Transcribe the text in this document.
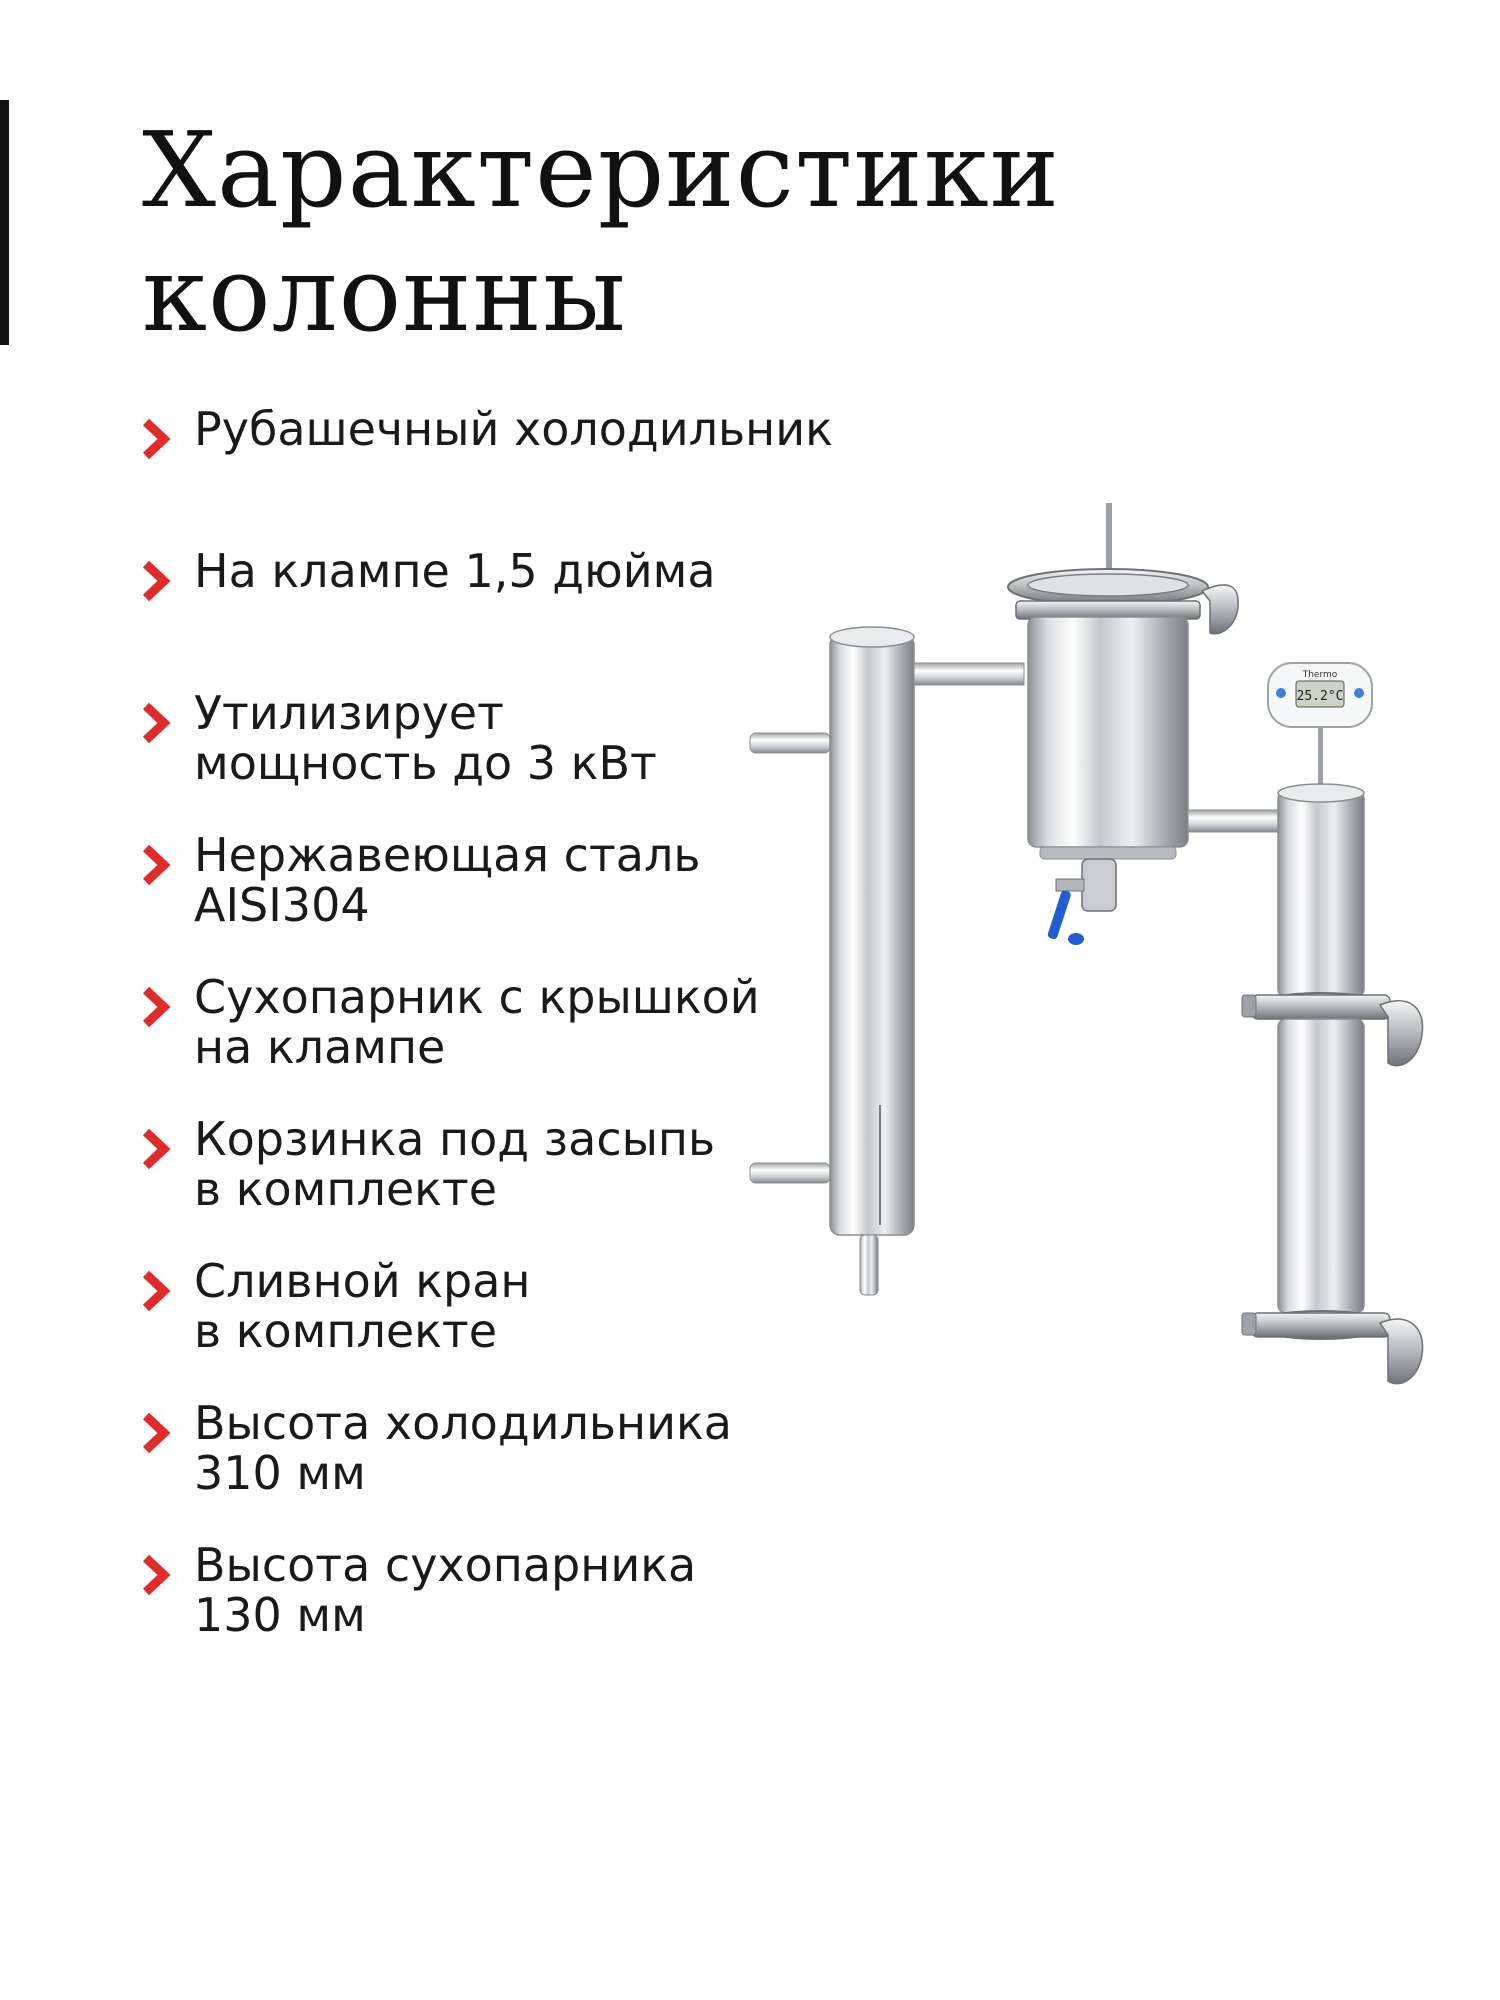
Характеристики
колонны
Рубашечный холодильник
На клампе 1,5 дюйма
Утилизирует
мощность до 3 кВт
Нержавеющая сталь
AISI304
Сухопарник с крышкой
на клампе
Корзинка под засыпь
в комплекте
Сливной кран
в комплекте
Высота холодильника
310 мм
Высота сухопарника
130 мм
Thermo
25.2°C
